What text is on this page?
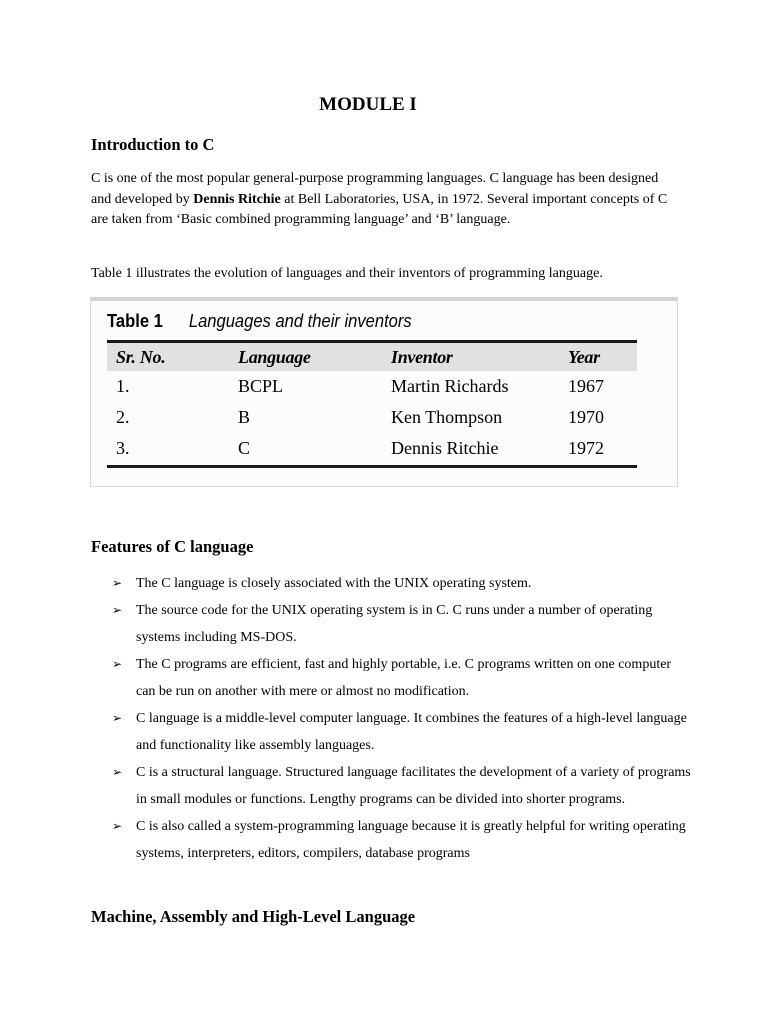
MODULE I
Introduction to C
C is one of the most popular general-purpose programming languages. C language has been designed and developed by Dennis Ritchie at Bell Laboratories, USA, in 1972. Several important concepts of C are taken from ‘Basic combined programming language’ and ‘B’ language.
Table 1 illustrates the evolution of languages and their inventors of programming language.
Table 1 Languages and their inventors
Sr. No.	Language	Inventor	Year
1.	BCPL	Martin Richards	1967
2.	B	Ken Thompson	1970
3.	C	Dennis Ritchie	1972
Features of C language
➢ The C language is closely associated with the UNIX operating system.
➢ The source code for the UNIX operating system is in C. C runs under a number of operating systems including MS-DOS.
➢ The C programs are efficient, fast and highly portable, i.e. C programs written on one computer can be run on another with mere or almost no modification.
➢ C language is a middle-level computer language. It combines the features of a high-level language and functionality like assembly languages.
➢ C is a structural language. Structured language facilitates the development of a variety of programs in small modules or functions. Lengthy programs can be divided into shorter programs.
➢ C is also called a system-programming language because it is greatly helpful for writing operating systems, interpreters, editors, compilers, database programs
Machine, Assembly and High-Level Language
